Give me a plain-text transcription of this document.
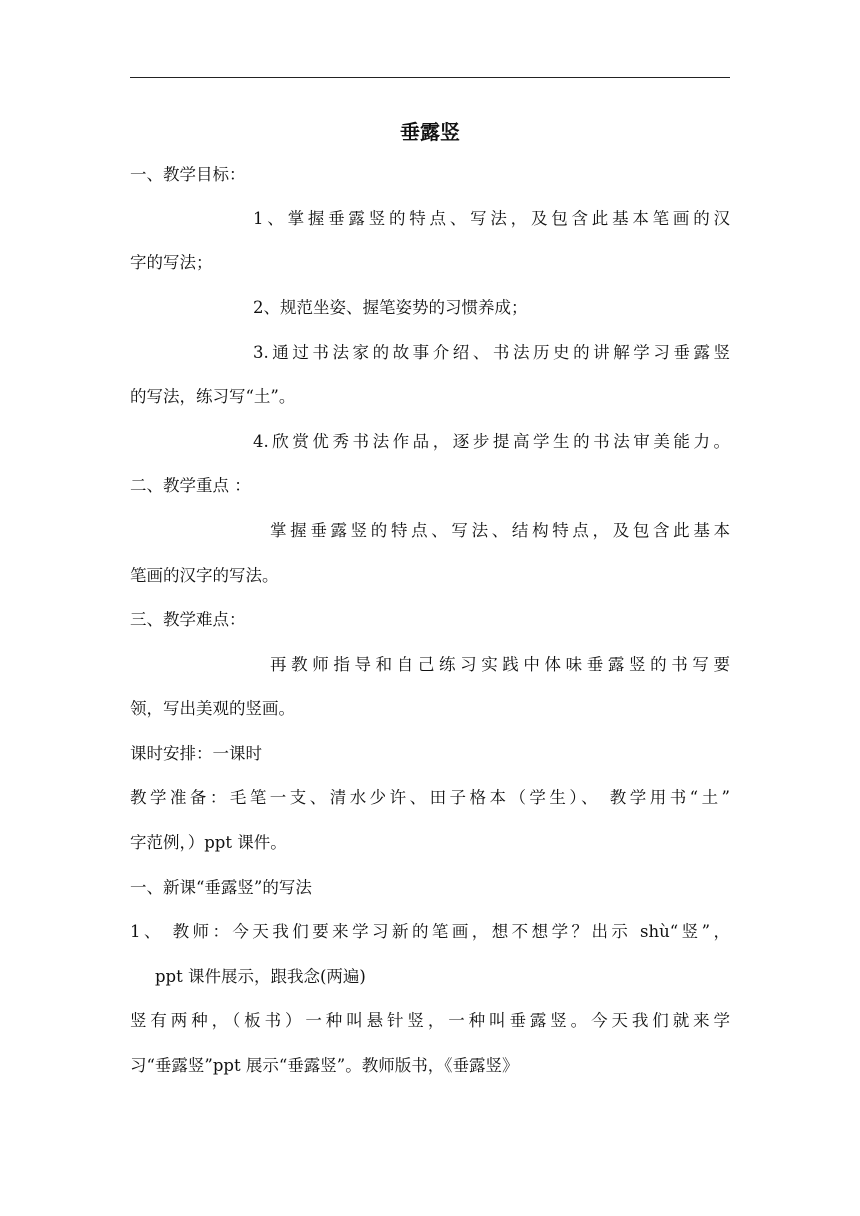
垂露竖
一、教学目标：
1、掌握垂露竖的特点、写法，及包含此基本笔画的汉
字的写法；
2、规范坐姿、握笔姿势的习惯养成；
3.通过书法家的故事介绍、书法历史的讲解学习垂露竖
的写法，练习写“土”。
4.欣赏优秀书法作品，逐步提高学生的书法审美能力。
二、教学重点 ：
掌握垂露竖的特点、写法、结构特点，及包含此基本
笔画的汉字的写法。
三、教学难点：
再教师指导和自己练习实践中体味垂露竖的书写要
领，写出美观的竖画。
课时安排：一课时
教学准备：毛笔一支、清水少许、田子格本（学生）、 教学用书“土”
字范例，）ppt 课件。
一、新课“垂露竖”的写法
1、 教师：今天我们要来学习新的笔画，想不想学？出示 shù“竖”，
ppt 课件展示，跟我念(两遍)
竖有两种，（板书）一种叫悬针竖，一种叫垂露竖。今天我们就来学
习“垂露竖”ppt 展示“垂露竖”。教师版书，《垂露竖》
